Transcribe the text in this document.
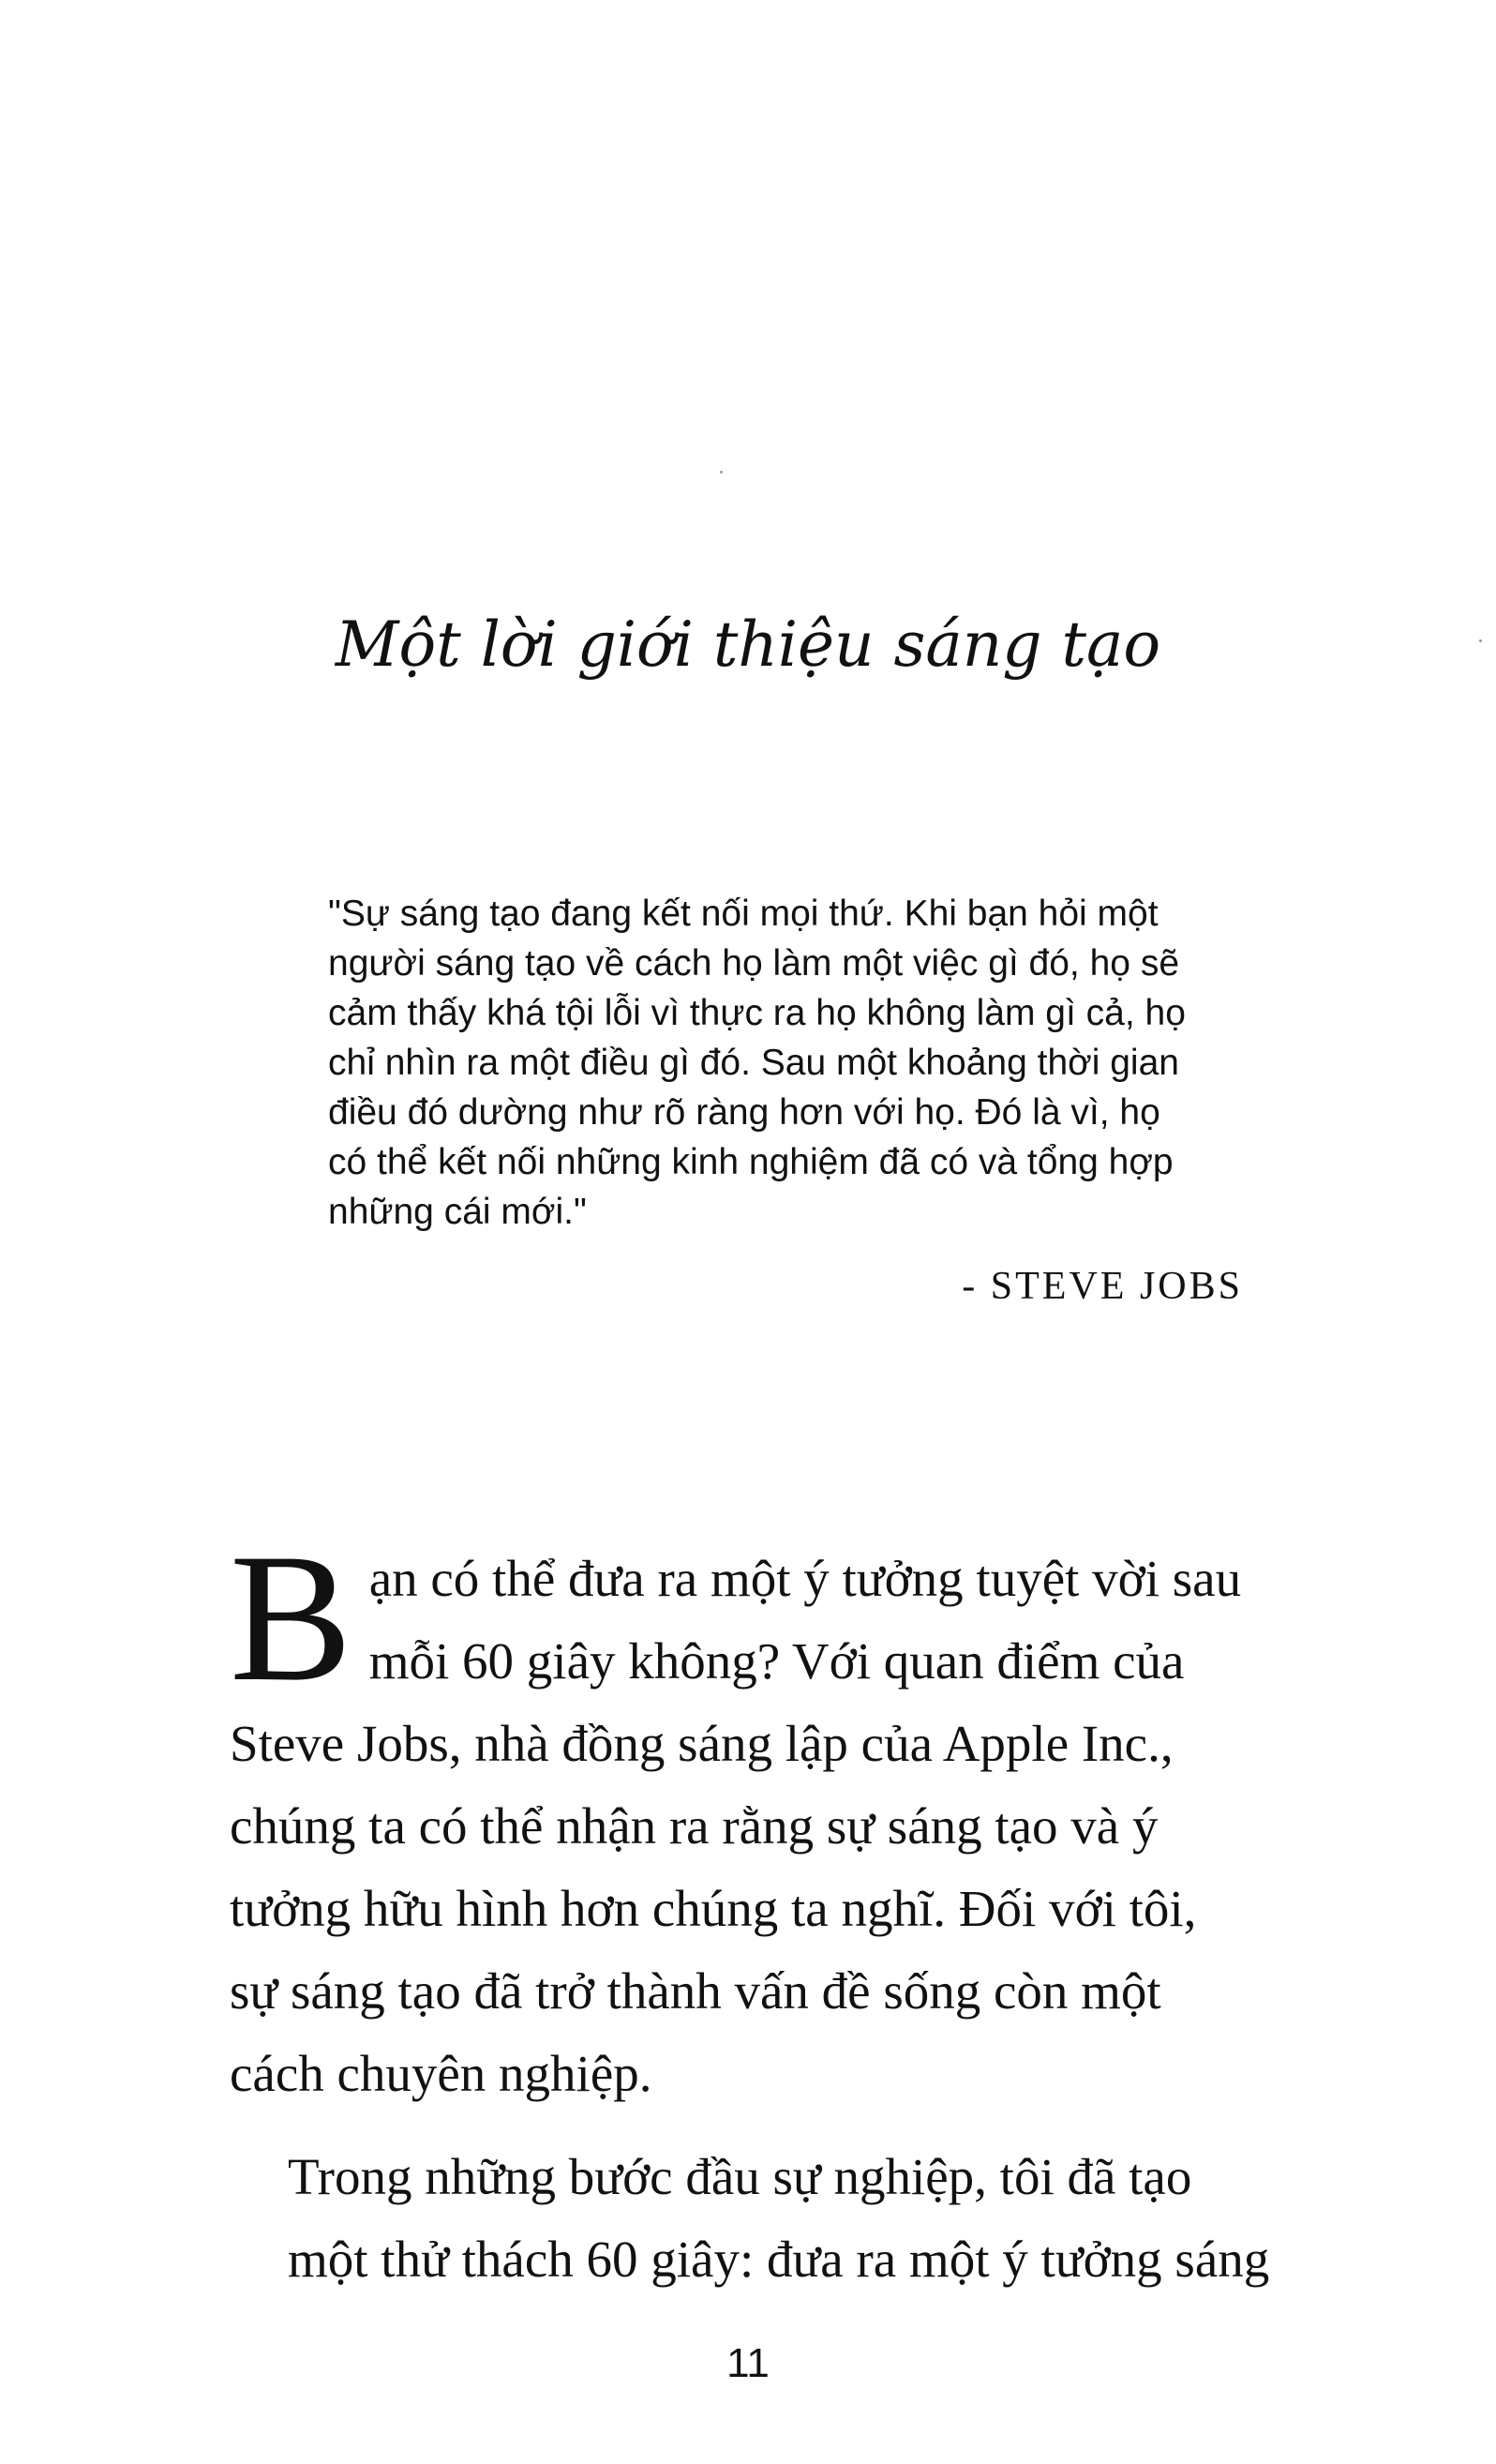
Một lời giới thiệu sáng tạo

"Sự sáng tạo đang kết nối mọi thứ. Khi bạn hỏi một
người sáng tạo về cách họ làm một việc gì đó, họ sẽ
cảm thấy khá tội lỗi vì thực ra họ không làm gì cả, họ
chỉ nhìn ra một điều gì đó. Sau một khoảng thời gian
điều đó dường như rõ ràng hơn với họ. Đó là vì, họ
có thể kết nối những kinh nghiệm đã có và tổng hợp
những cái mới."

- STEVE JOBS

B ạn có thể đưa ra một ý tưởng tuyệt vời sau
mỗi 60 giây không? Với quan điểm của
Steve Jobs, nhà đồng sáng lập của Apple Inc.,
chúng ta có thể nhận ra rằng sự sáng tạo và ý
tưởng hữu hình hơn chúng ta nghĩ. Đối với tôi,
sự sáng tạo đã trở thành vấn đề sống còn một
cách chuyên nghiệp.

Trong những bước đầu sự nghiệp, tôi đã tạo
một thử thách 60 giây: đưa ra một ý tưởng sáng

11
